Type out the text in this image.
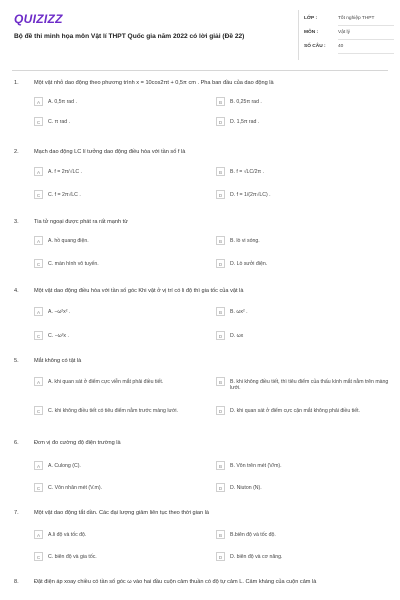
QUIZIZZ
Bộ đề thi minh họa môn Vật lí THPT Quốc gia năm 2022 có lời giải (Đề 22)
LỚP :	Tốt nghiệp THPT
MÔN :	Vật lý
SỐ CÂU :	40
1.	Một vật nhỏ dao động theo phương trình x = 10cos2πt + 0,5π cm . Pha ban đầu của dao động là
A	A. 0,5π rad .	B	B. 0,25π rad .
C	C. π rad .	D	D. 1,5π rad .
2.	Mạch dao động LC lí tưởng dao động điều hòa với tần số f là
A	A. f = 2π/√LC .	B	B. f = √LC/2π .
C	C. f = 2π√LC .	D	D. f = 1/(2π√LC) .
3.	Tia tử ngoại được phát ra rất mạnh từ
A	A. hồ quang điện.	B	B. lò vi sóng.
C	C. màn hình vô tuyến.	D	D. Lò sưởi điện.
4.	Một vật dao động điều hòa với tần số góc Khi vật ở vị trí có li độ thì gia tốc của vật là
A	A. −ω²x² .	B	B. ωx² .
C	C. −ω²x .	D	D. ωx
5.	Mắt không có tật là
A	A. khi quan sát ở điểm cực viễn mắt phải điều tiết.	B	B. khi không điều tiết, thì tiêu điểm của thấu kính mắt nằm trên màng lưới.
C	C. khi không điều tiết có tiêu điểm nằm trước màng lưới.	D	D. khi quan sát ở điểm cực cận mắt không phải điều tiết.
6.	Đơn vị đo cường độ điện trường là
A	A. Culong (C).	B	B. Vôn trên mét (V/m).
C	C. Vôn nhân mét (V.m).	D	D. Niuton (N).
7.	Một vật dao động tắt dần. Các đại lượng giảm liên tục theo thời gian là
A	A.li độ và tốc độ.	B	B.biên độ và tốc độ.
C	C. biên độ và gia tốc.	D	D. biên độ và cơ năng.
8.	Đặt điện áp xoay chiều có tần số góc ω vào hai đầu cuộn cảm thuần có độ tự cảm L. Cảm kháng của cuộn cảm là
